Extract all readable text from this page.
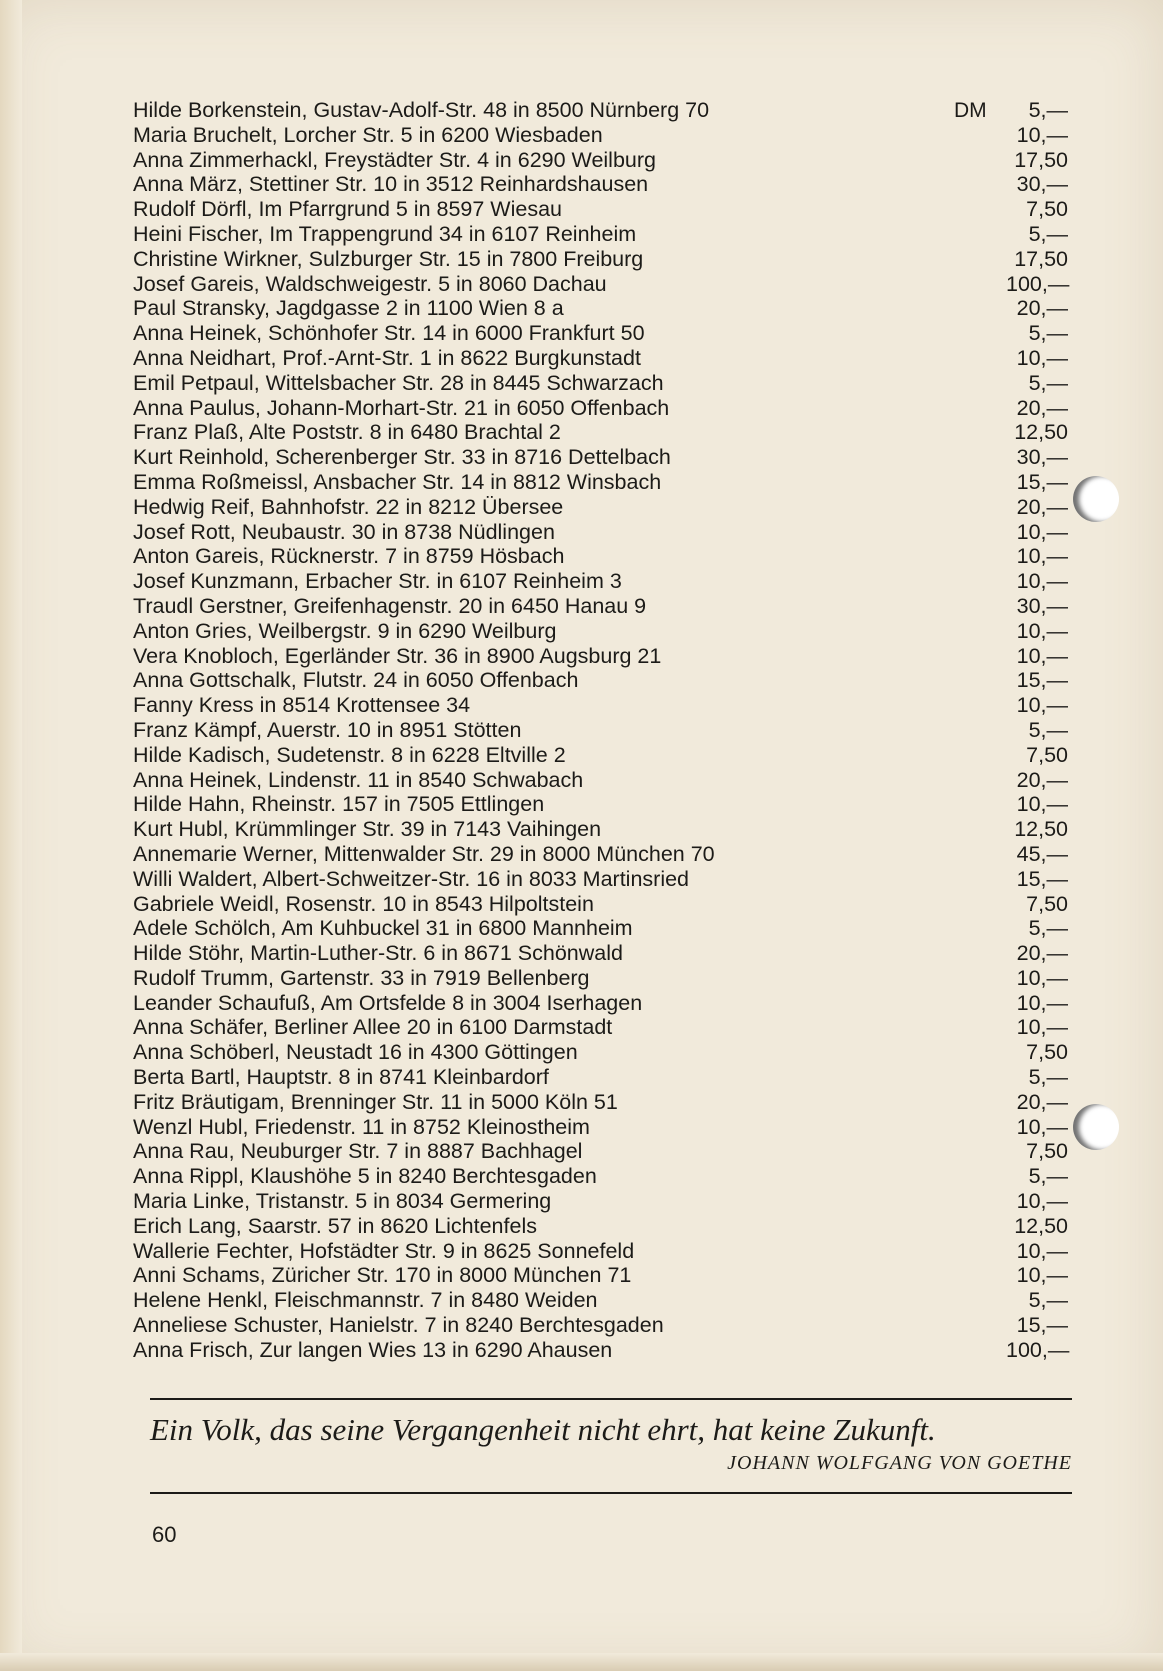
Hilde Borkenstein, Gustav-Adolf-Str. 48 in 8500 Nürnberg 70	DM	5,—
Maria Bruchelt, Lorcher Str. 5 in 6200 Wiesbaden	10,—
Anna Zimmerhackl, Freystädter Str. 4 in 6290 Weilburg	17,50
Anna März, Stettiner Str. 10 in 3512 Reinhardshausen	30,—
Rudolf Dörfl, Im Pfarrgrund 5 in 8597 Wiesau	7,50
Heini Fischer, Im Trappengrund 34 in 6107 Reinheim	5,—
Christine Wirkner, Sulzburger Str. 15 in 7800 Freiburg	17,50
Josef Gareis, Waldschweigestr. 5 in 8060 Dachau	100,—
Paul Stransky, Jagdgasse 2 in 1100 Wien 8 a	20,—
Anna Heinek, Schönhofer Str. 14 in 6000 Frankfurt 50	5,—
Anna Neidhart, Prof.-Arnt-Str. 1 in 8622 Burgkunstadt	10,—
Emil Petpaul, Wittelsbacher Str. 28 in 8445 Schwarzach	5,—
Anna Paulus, Johann-Morhart-Str. 21 in 6050 Offenbach	20,—
Franz Plaß, Alte Poststr. 8 in 6480 Brachtal 2	12,50
Kurt Reinhold, Scherenberger Str. 33 in 8716 Dettelbach	30,—
Emma Roßmeissl, Ansbacher Str. 14 in 8812 Winsbach	15,—
Hedwig Reif, Bahnhofstr. 22 in 8212 Übersee	20,—
Josef Rott, Neubaustr. 30 in 8738 Nüdlingen	10,—
Anton Gareis, Rücknerstr. 7 in 8759 Hösbach	10,—
Josef Kunzmann, Erbacher Str. in 6107 Reinheim 3	10,—
Traudl Gerstner, Greifenhagenstr. 20 in 6450 Hanau 9	30,—
Anton Gries, Weilbergstr. 9 in 6290 Weilburg	10,—
Vera Knobloch, Egerländer Str. 36 in 8900 Augsburg 21	10,—
Anna Gottschalk, Flutstr. 24 in 6050 Offenbach	15,—
Fanny Kress in 8514 Krottensee 34	10,—
Franz Kämpf, Auerstr. 10 in 8951 Stötten	5,—
Hilde Kadisch, Sudetenstr. 8 in 6228 Eltville 2	7,50
Anna Heinek, Lindenstr. 11 in 8540 Schwabach	20,—
Hilde Hahn, Rheinstr. 157 in 7505 Ettlingen	10,—
Kurt Hubl, Krümmlinger Str. 39 in 7143 Vaihingen	12,50
Annemarie Werner, Mittenwalder Str. 29 in 8000 München 70	45,—
Willi Waldert, Albert-Schweitzer-Str. 16 in 8033 Martinsried	15,—
Gabriele Weidl, Rosenstr. 10 in 8543 Hilpoltstein	7,50
Adele Schölch, Am Kuhbuckel 31 in 6800 Mannheim	5,—
Hilde Stöhr, Martin-Luther-Str. 6 in 8671 Schönwald	20,—
Rudolf Trumm, Gartenstr. 33 in 7919 Bellenberg	10,—
Leander Schaufuß, Am Ortsfelde 8 in 3004 Iserhagen	10,—
Anna Schäfer, Berliner Allee 20 in 6100 Darmstadt	10,—
Anna Schöberl, Neustadt 16 in 4300 Göttingen	7,50
Berta Bartl, Hauptstr. 8 in 8741 Kleinbardorf	5,—
Fritz Bräutigam, Brenninger Str. 11 in 5000 Köln 51	20,—
Wenzl Hubl, Friedenstr. 11 in 8752 Kleinostheim	10,—
Anna Rau, Neuburger Str. 7 in 8887 Bachhagel	7,50
Anna Rippl, Klaushöhe 5 in 8240 Berchtesgaden	5,—
Maria Linke, Tristanstr. 5 in 8034 Germering	10,—
Erich Lang, Saarstr. 57 in 8620 Lichtenfels	12,50
Wallerie Fechter, Hofstädter Str. 9 in 8625 Sonnefeld	10,—
Anni Schams, Züricher Str. 170 in 8000 München 71	10,—
Helene Henkl, Fleischmannstr. 7 in 8480 Weiden	5,—
Anneliese Schuster, Hanielstr. 7 in 8240 Berchtesgaden	15,—
Anna Frisch, Zur langen Wies 13 in 6290 Ahausen	100,—
Ein Volk, das seine Vergangenheit nicht ehrt, hat keine Zukunft.
JOHANN WOLFGANG VON GOETHE
60
